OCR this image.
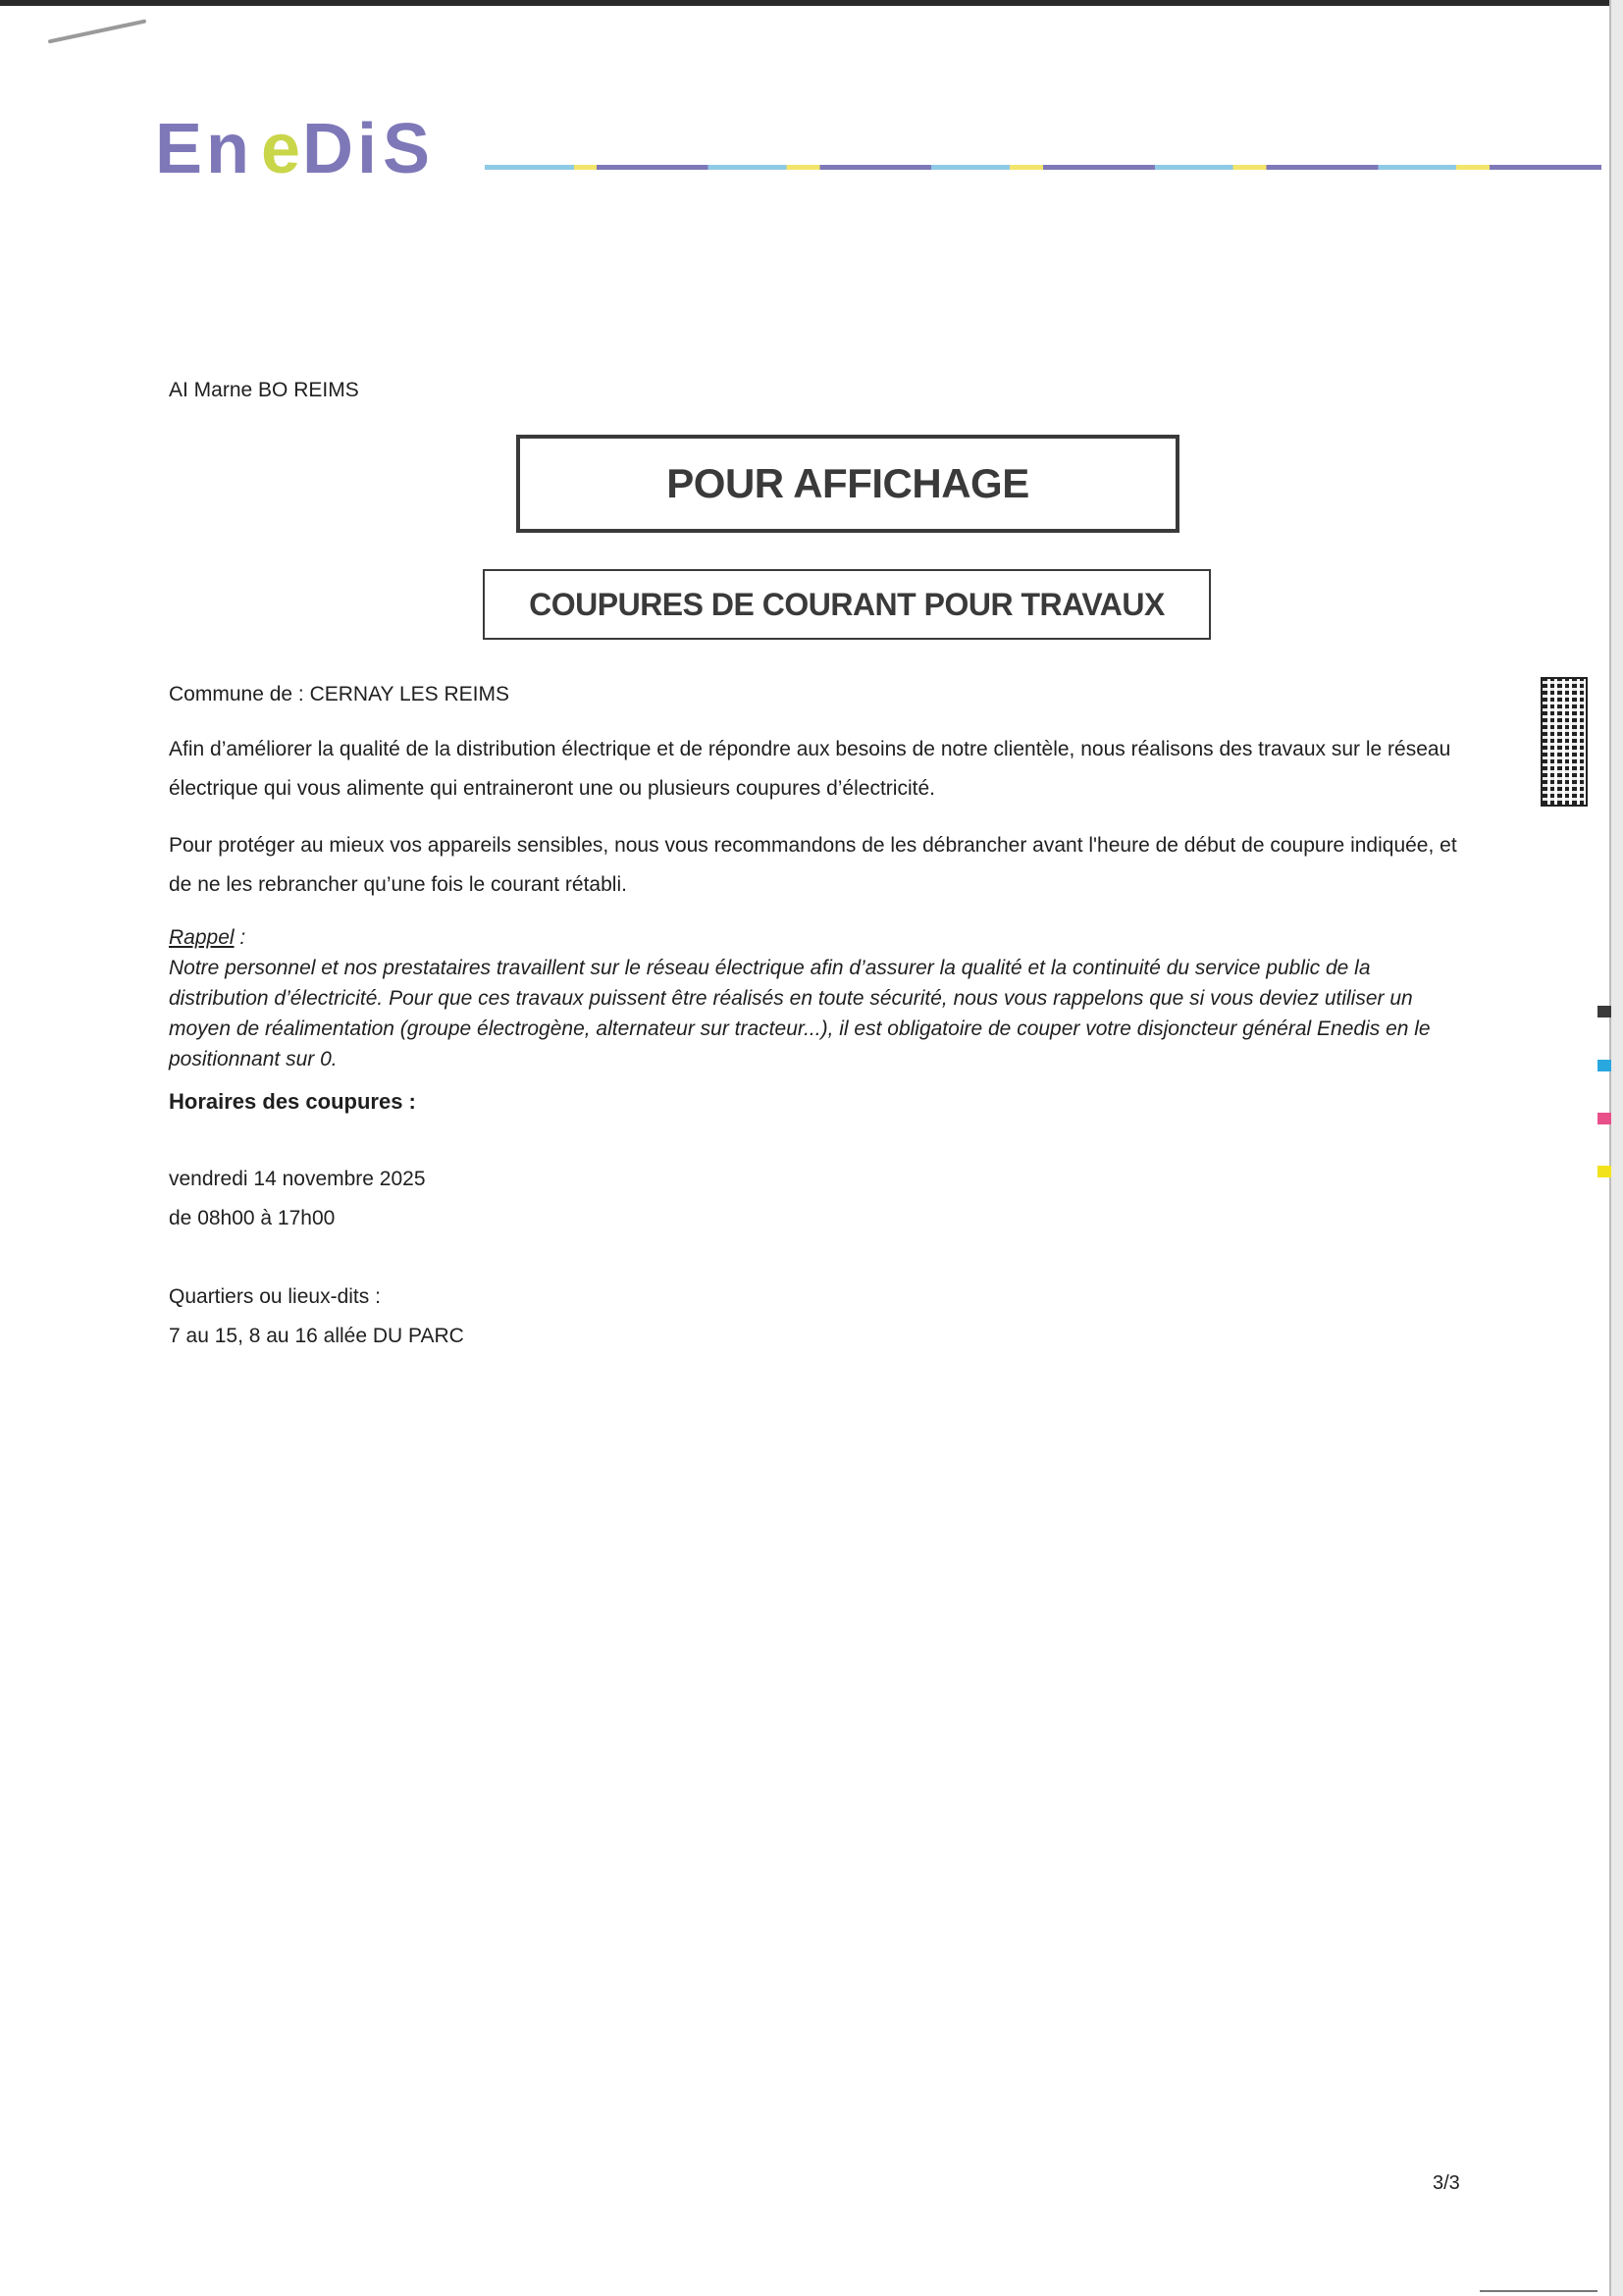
E n e D i S
AI Marne BO REIMS
POUR AFFICHAGE
COUPURES DE COURANT POUR TRAVAUX
Commune de : CERNAY LES REIMS
Afin d’améliorer la qualité de la distribution électrique et de répondre aux besoins de notre clientèle, nous réalisons des travaux sur le réseau électrique qui vous alimente qui entraineront une ou plusieurs coupures d’électricité.
Pour protéger au mieux vos appareils sensibles, nous vous recommandons de les débrancher avant l'heure de début de coupure indiquée, et de ne les rebrancher qu’une fois le courant rétabli.
Rappel :
Notre personnel et nos prestataires travaillent sur le réseau électrique afin d’assurer la qualité et la continuité du service public de la distribution d’électricité. Pour que ces travaux puissent être réalisés en toute sécurité, nous vous rappelons que si vous deviez utiliser un moyen de réalimentation (groupe électrogène, alternateur sur tracteur...), il est obligatoire de couper votre disjoncteur général Enedis en le positionnant sur 0.
Horaires des coupures :
vendredi 14 novembre 2025
de 08h00 à 17h00
Quartiers ou lieux-dits :
7 au 15, 8 au 16 allée DU PARC
3/3
